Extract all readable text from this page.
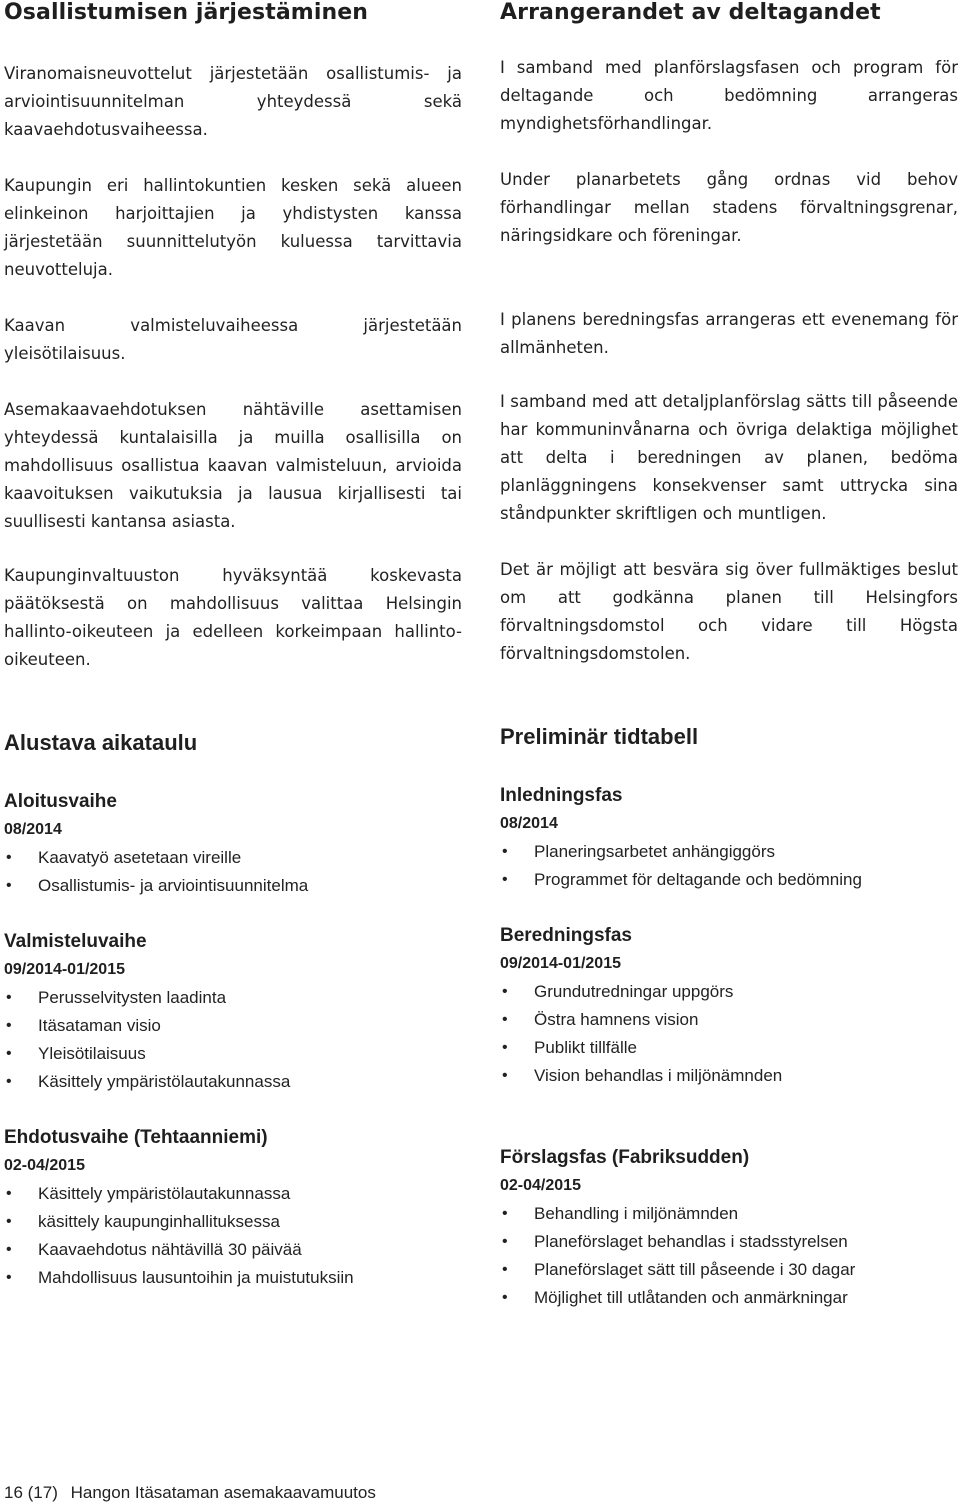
Osallistumisen järjestäminen

Viranomaisneuvottelut järjestetään osallistumis- ja arviointisuunnitelman yhteydessä sekä kaavaehdotusvaiheessa.

Kaupungin eri hallintokuntien kesken sekä alueen elinkeinon harjoittajien ja yhdistysten kanssa järjestetään suunnittelutyön kuluessa tarvittavia neuvotteluja.

Kaavan valmisteluvaiheessa järjestetään yleisötilaisuus.

Asemakaavaehdotuksen nähtäville asettamisen yhteydessä kuntalaisilla ja muilla osallisilla on mahdollisuus osallistua kaavan valmisteluun, arvioida kaavoituksen vaikutuksia ja lausua kirjallisesti tai suullisesti kantansa asiasta.

Kaupunginvaltuuston hyväksyntää koskevasta päätöksestä on mahdollisuus valittaa Helsingin hallinto-oikeuteen ja edelleen korkeimpaan hallinto-oikeuteen.

Alustava aikataulu
Aloitusvaihe
08/2014
• Kaavatyö asetetaan vireille
• Osallistumis- ja arviointisuunnitelma
Valmisteluvaihe
09/2014-01/2015
• Perusselvitysten laadinta
• Itäsataman visio
• Yleisötilaisuus
• Käsittely ympäristölautakunnassa
Ehdotusvaihe (Tehtaanniemi)
02-04/2015
• Käsittely ympäristölautakunnassa
• käsittely kaupunginhallituksessa
• Kaavaehdotus nähtävillä 30 päivää
• Mahdollisuus lausuntoihin ja muistutuksiin
Arrangerandet av deltagandet

I samband med planförslagsfasen och program för deltagande och bedömning arrangeras myndighetsförhandlingar.

Under planarbetets gång ordnas vid behov förhandlingar mellan stadens förvaltningsgrenar, näringsidkare och föreningar.

I planens beredningsfas arrangeras ett evenemang för allmänheten.

I samband med att detaljplanförslag sätts till påseende har kommuninvånarna och övriga delaktiga möjlighet att delta i beredningen av planen, bedöma planläggningens konsekvenser samt uttrycka sina ståndpunkter skriftligen och muntligen.

Det är möjligt att besvära sig över fullmäktiges beslut om att godkänna planen till Helsingfors förvaltningsdomstol och vidare till Högsta förvaltningsdomstolen.

Preliminär tidtabell
Inledningsfas
08/2014
• Planeringsarbetet anhängiggörs
• Programmet för deltagande och bedömning
Beredningsfas
09/2014-01/2015
• Grundutredningar uppgörs
• Östra hamnens vision
• Publikt tillfälle
• Vision behandlas i miljönämnden
Förslagsfas (Fabriksudden)
02-04/2015
• Behandling i miljönämnden
• Planeförslaget behandlas i stadsstyrelsen
• Planeförslaget sätt till påseende i 30 dagar
• Möjlighet till utlåtanden och anmärkningar
16 (17) Hangon Itäsataman asemakaavamuutos
